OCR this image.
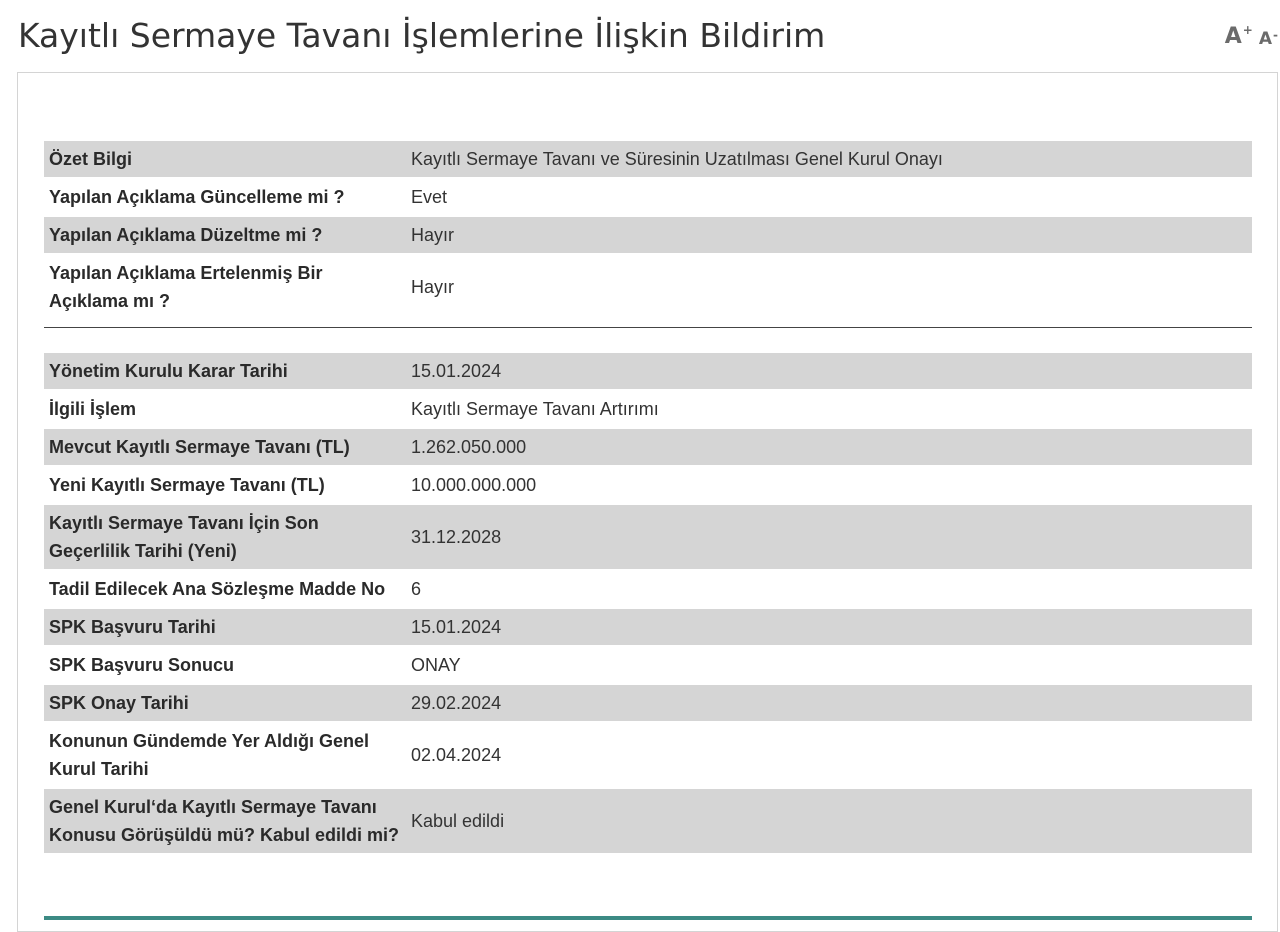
Kayıtlı Sermaye Tavanı İşlemlerine İlişkin Bildirim	A+ A-
Özet Bilgi	Kayıtlı Sermaye Tavanı ve Süresinin Uzatılması Genel Kurul Onayı
Yapılan Açıklama Güncelleme mi ?	Evet
Yapılan Açıklama Düzeltme mi ?	Hayır
Yapılan Açıklama Ertelenmiş Bir Açıklama mı ?	Hayır
Yönetim Kurulu Karar Tarihi	15.01.2024
İlgili İşlem	Kayıtlı Sermaye Tavanı Artırımı
Mevcut Kayıtlı Sermaye Tavanı (TL)	1.262.050.000
Yeni Kayıtlı Sermaye Tavanı (TL)	10.000.000.000
Kayıtlı Sermaye Tavanı İçin Son Geçerlilik Tarihi (Yeni)	31.12.2028
Tadil Edilecek Ana Sözleşme Madde No	6
SPK Başvuru Tarihi	15.01.2024
SPK Başvuru Sonucu	ONAY
SPK Onay Tarihi	29.02.2024
Konunun Gündemde Yer Aldığı Genel Kurul Tarihi	02.04.2024
Genel Kurul‘da Kayıtlı Sermaye Tavanı Konusu Görüşüldü mü? Kabul edildi mi?	Kabul edildi
